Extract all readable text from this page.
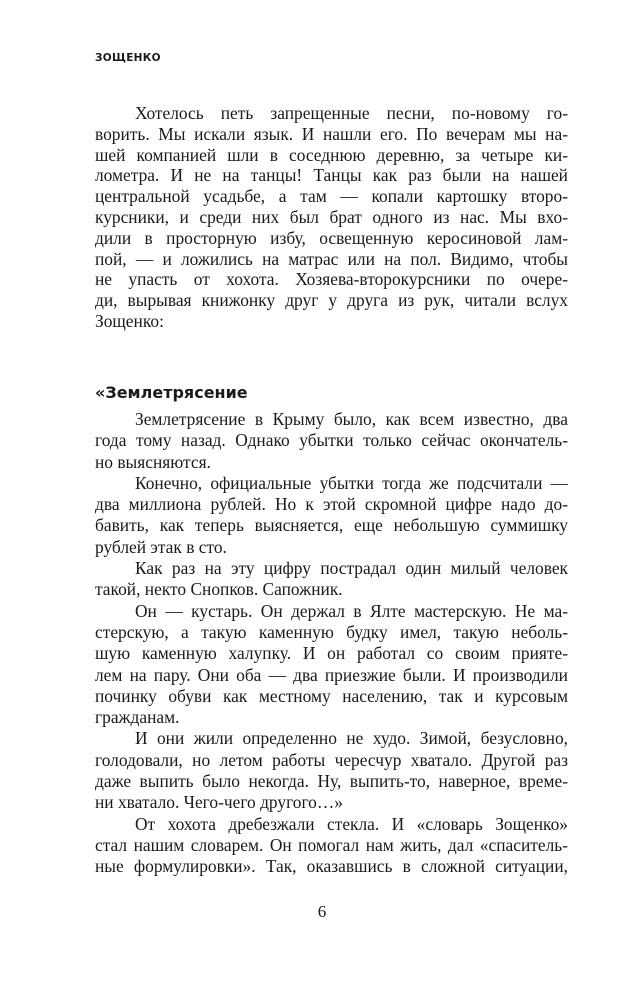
ЗОЩЕНКО
Хотелось петь запрещенные песни, по-новому го-
ворить. Мы искали язык. И нашли его. По вечерам мы на-
шей компанией шли в соседнюю деревню, за четыре ки-
лометра. И не на танцы! Танцы как раз были на нашей
центральной усадьбе, а там — копали картошку второ-
курсники, и среди них был брат одного из нас. Мы вхо-
дили в просторную избу, освещенную керосиновой лам-
пой, — и ложились на матрас или на пол. Видимо, чтобы
не упасть от хохота. Хозяева-второкурсники по очере-
ди, вырывая книжонку друг у друга из рук, читали вслух
Зощенко:
«Землетрясение
Землетрясение в Крыму было, как всем известно, два
года тому назад. Однако убытки только сейчас окончатель-
но выясняются.
Конечно, официальные убытки тогда же подсчитали —
два миллиона рублей. Но к этой скромной цифре надо до-
бавить, как теперь выясняется, еще небольшую суммишку
рублей этак в сто.
Как раз на эту цифру пострадал один милый человек
такой, некто Снопков. Сапожник.
Он — кустарь. Он держал в Ялте мастерскую. Не ма-
стерскую, а такую каменную будку имел, такую неболь-
шую каменную халупку. И он работал со своим прияте-
лем на пару. Они оба — два приезжие были. И производили
починку обуви как местному населению, так и курсовым
гражданам.
И они жили определенно не худо. Зимой, безусловно,
голодовали, но летом работы чересчур хватало. Другой раз
даже выпить было некогда. Ну, выпить-то, наверное, време-
ни хватало. Чего-чего другого…»
От хохота дребезжали стекла. И «словарь Зощенко»
стал нашим словарем. Он помогал нам жить, дал «спаситель-
ные формулировки». Так, оказавшись в сложной ситуации,
6
